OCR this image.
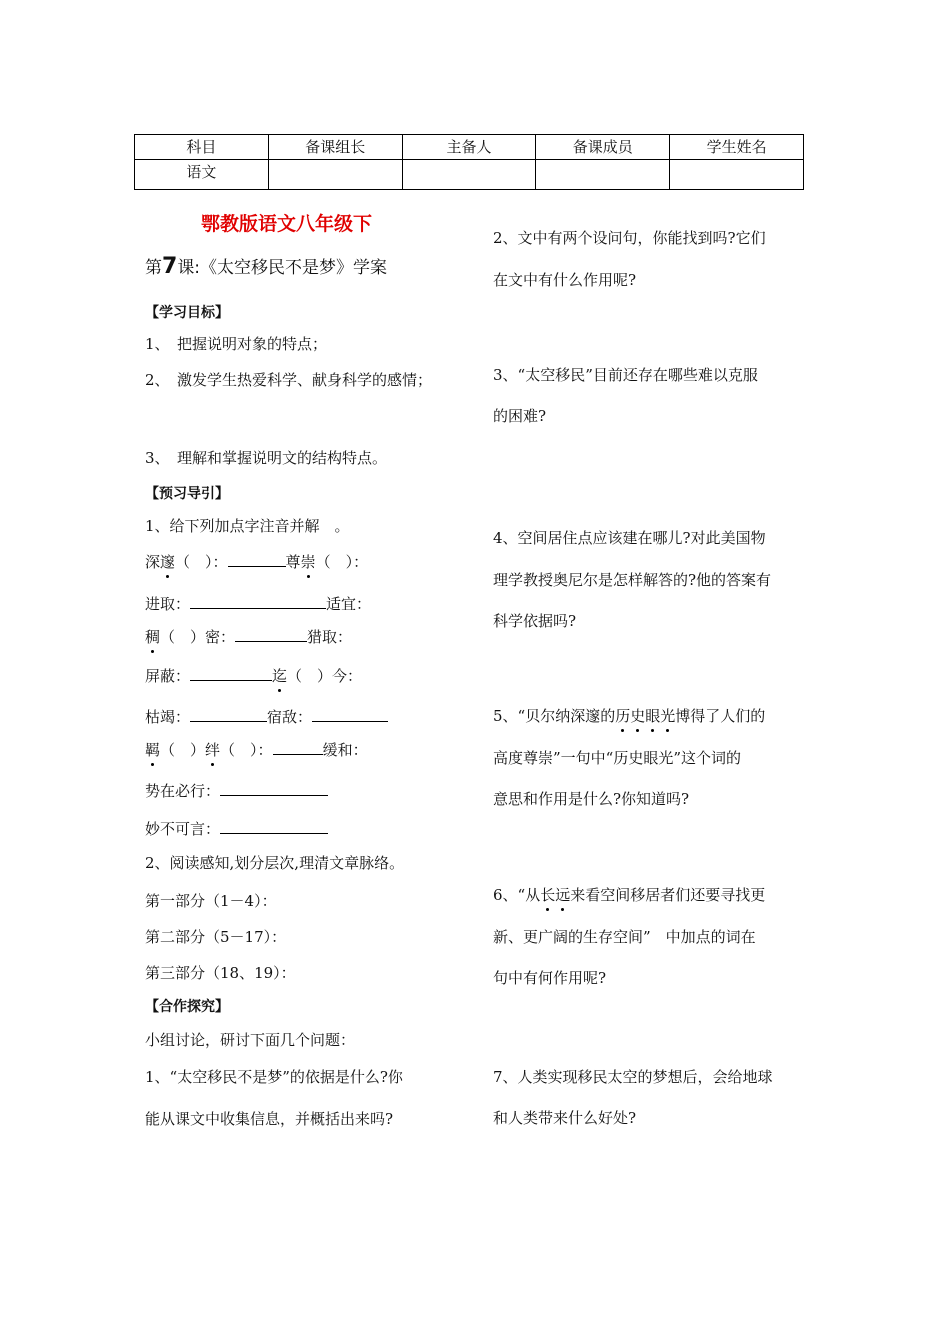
科目	备课组长	主备人	备课成员	学生姓名
语文				
鄂教版语文八年级下
第7课:《太空移民不是梦》学案
【学习目标】
1、　把握说明对象的特点；
2、　激发学生热爱科学、献身科学的感情；
3、　理解和掌握说明文的结构特点。
【预习导引】
1、给下列加点字注音并解　。
深邃（　）：	尊崇（　）：
进取：	适宜：
稠（　）密：	猎取：
屏蔽：	迄（　）今：
枯竭：	宿敌：
羁（　）绊（　）：	缓和：
势在必行：
妙不可言：
2、阅读感知,划分层次,理清文章脉络。
第一部分（1－4）：
第二部分（5－17）：
第三部分（18、19）：
【合作探究】
小组讨论，研讨下面几个问题：
1、“太空移民不是梦”的依据是什么?你
能从课文中收集信息，并概括出来吗?
2、文中有两个设问句，你能找到吗?它们
在文中有什么作用呢?
3、“太空移民”目前还存在哪些难以克服
的困难?
4、空间居住点应该建在哪儿?对此美国物
理学教授奥尼尔是怎样解答的?他的答案有
科学依据吗?
5、“贝尔纳深邃的历史眼光博得了人们的
高度尊崇”一句中“历史眼光”这个词的
意思和作用是什么?你知道吗?
6、“从长远来看空间移居者们还要寻找更
新、更广阔的生存空间”　中加点的词在
句中有何作用呢?
7、人类实现移民太空的梦想后，会给地球
和人类带来什么好处?
